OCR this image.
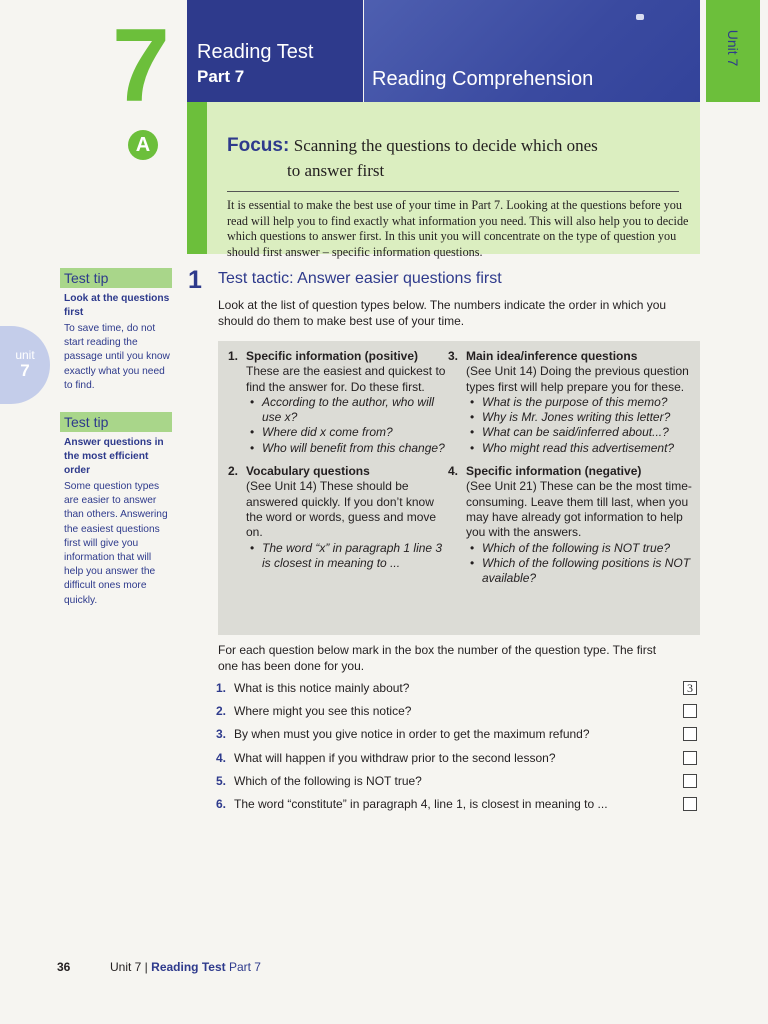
7
A
Reading Test
Part 7	Reading Comprehension
Unit 7
Focus: Scanning the questions to decide which ones
to answer first

It is essential to make the best use of your time in Part 7. Looking at the questions before you read will help you to find exactly what information you need. This will also help you to decide which questions to answer first. In this unit you will concentrate on the type of question you should first answer – specific information questions.

unit
7
Test tip
Look at the questions first
To save time, do not start reading the passage until you know exactly what you need to find.
Test tip
Answer questions in the most efficient order
Some question types are easier to answer than others. Answering the easiest questions first will give you information that will help you answer the difficult ones more quickly.
1 Test tactic: Answer easier questions first

Look at the list of question types below. The numbers indicate the order in which you should do them to make best use of your time.

1. Specific information (positive)
These are the easiest and quickest to find the answer for. Do these first.
• According to the author, who will use x?
• Where did x come from?
• Who will benefit from this change?
2. Vocabulary questions
(See Unit 14) These should be answered quickly. If you don’t know the word or words, guess and move on.
• The word “x” in paragraph 1 line 3 is closest in meaning to ...
3. Main idea/inference questions
(See Unit 14) Doing the previous question types first will help prepare you for these.
• What is the purpose of this memo?
• Why is Mr. Jones writing this letter?
• What can be said/inferred about...?
• Who might read this advertisement?
4. Specific information (negative)
(See Unit 21) These can be the most time-consuming. Leave them till last, when you may have already got information to help you with the answers.
• Which of the following is NOT true?
• Which of the following positions is NOT available?

For each question below mark in the box the number of the question type. The first one has been done for you.

1. What is this notice mainly about?	3
2. Where might you see this notice?
3. By when must you give notice in order to get the maximum refund?
4. What will happen if you withdraw prior to the second lesson?
5. Which of the following is NOT true?
6. The word “constitute” in paragraph 4, line 1, is closest in meaning to ...
36	Unit 7 | Reading Test Part 7
